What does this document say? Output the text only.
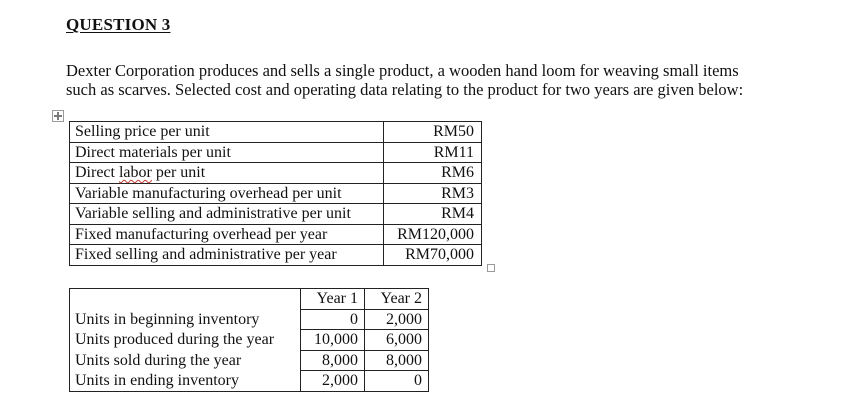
QUESTION 3
Dexter Corporation produces and sells a single product, a wooden hand loom for weaving small items
such as scarves. Selected cost and operating data relating to the product for two years are given below:
Selling price per unit	RM50
Direct materials per unit	RM11
Direct labor per unit	RM6
Variable manufacturing overhead per unit	RM3
Variable selling and administrative per unit	RM4
Fixed manufacturing overhead per year	RM120,000
Fixed selling and administrative per year	RM70,000
	Year 1	Year 2
Units in beginning inventory	0	2,000
Units produced during the year	10,000	6,000
Units sold during the year	8,000	8,000
Units in ending inventory	2,000	0
